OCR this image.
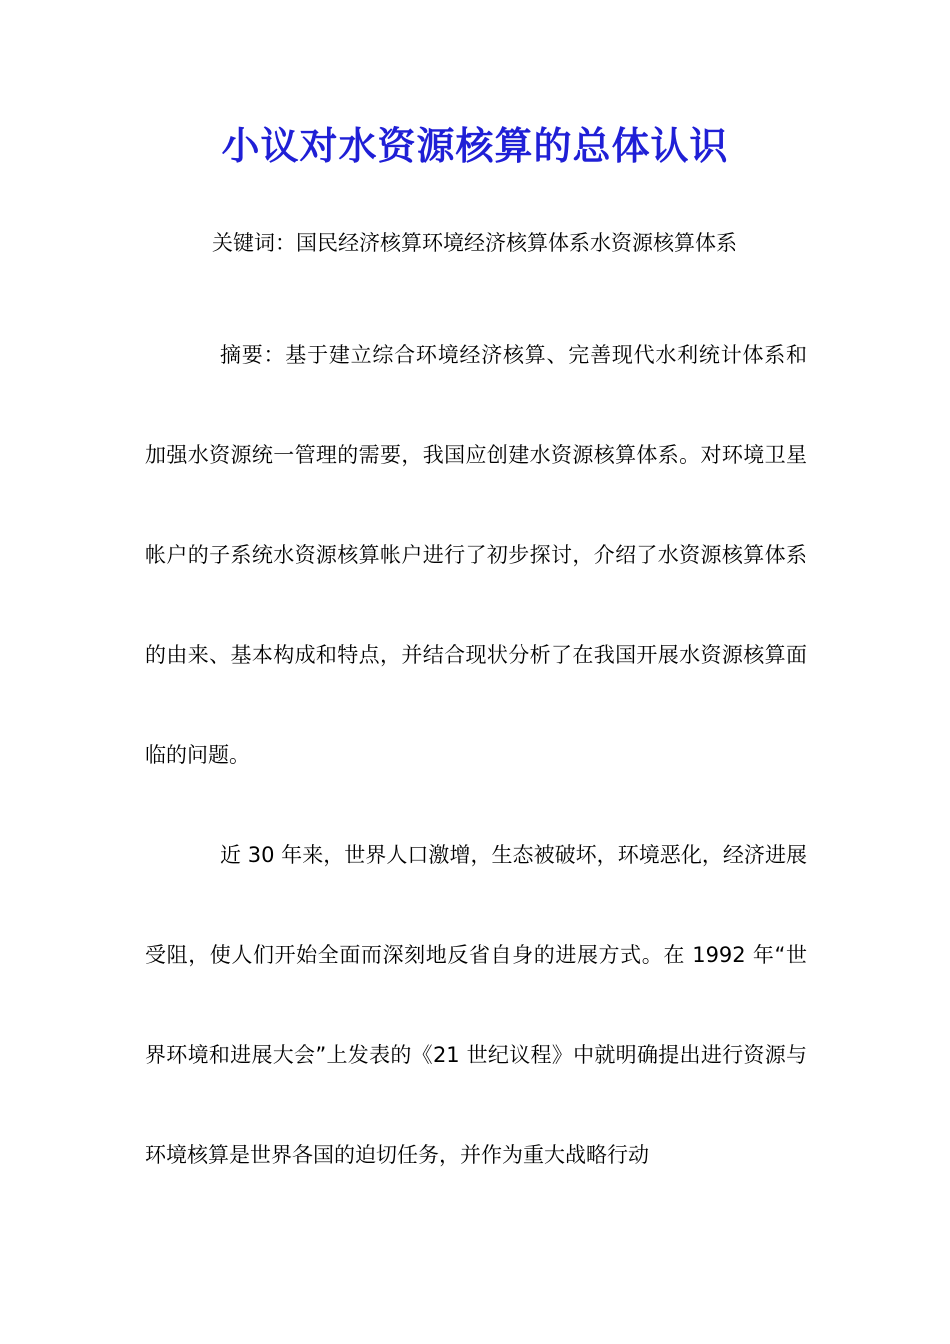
小议对水资源核算的总体认识
关键词：国民经济核算环境经济核算体系水资源核算体系

摘要：基于建立综合环境经济核算、完善现代水利统计体系和加强水资源统一管理的需要，我国应创建水资源核算体系。对环境卫星帐户的子系统水资源核算帐户进行了初步探讨，介绍了水资源核算体系的由来、基本构成和特点，并结合现状分析了在我国开展水资源核算面临的问题。

近 30 年来，世界人口激增，生态被破坏，环境恶化，经济进展受阻，使人们开始全面而深刻地反省自身的进展方式。在 1992 年“世界环境和进展大会”上发表的《21 世纪议程》中就明确提出进行资源与环境核算是世界各国的迫切任务，并作为重大战略行动
